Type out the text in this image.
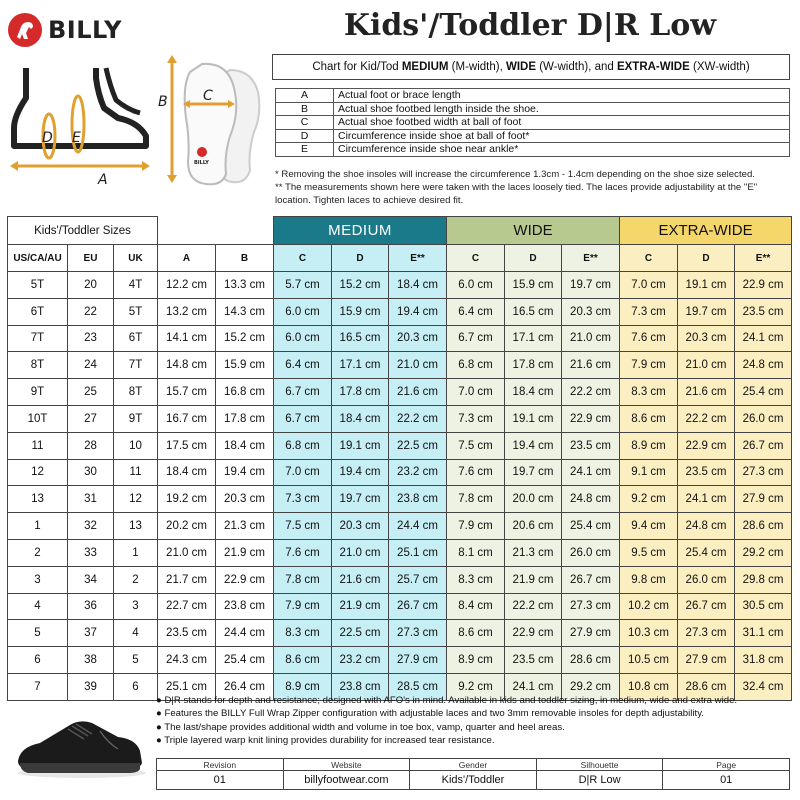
BILLY	Kids'/Toddler D|R Low
Chart for Kid/Tod
MEDIUM (M-width), WIDE (W-width), and EXTRA-WIDE (XW-width)
D E
A
B	C
BILLY
A	Actual foot or brace length
B	Actual shoe footbed length inside the shoe.
C	Actual shoe footbed width at ball of foot
D	Circumference inside shoe at ball of foot*
E	Circumference inside shoe near ankle*
* Removing the shoe insoles will increase the circumference 1.3cm - 1.4cm depending on the shoe size selected.
** The measurements shown here were taken with the laces loosely tied. The laces provide adjustability at the "E" location. Tighten laces to achieve desired fit.
Kids'/Toddler Sizes					MEDIUM			WIDE			EXTRA-WIDE		
US/CA/AU	EU	UK	A	B	C	D	E**	C	D	E**	C	D	E**
5T	20	4T	12.2 cm	13.3 cm	5.7 cm	15.2 cm	18.4 cm	6.0 cm	15.9 cm	19.7 cm	7.0 cm	19.1 cm	22.9 cm
6T	22	5T	13.2 cm	14.3 cm	6.0 cm	15.9 cm	19.4 cm	6.4 cm	16.5 cm	20.3 cm	7.3 cm	19.7 cm	23.5 cm
7T	23	6T	14.1 cm	15.2 cm	6.0 cm	16.5 cm	20.3 cm	6.7 cm	17.1 cm	21.0 cm	7.6 cm	20.3 cm	24.1 cm
8T	24	7T	14.8 cm	15.9 cm	6.4 cm	17.1 cm	21.0 cm	6.8 cm	17.8 cm	21.6 cm	7.9 cm	21.0 cm	24.8 cm
9T	25	8T	15.7 cm	16.8 cm	6.7 cm	17.8 cm	21.6 cm	7.0 cm	18.4 cm	22.2 cm	8.3 cm	21.6 cm	25.4 cm
10T	27	9T	16.7 cm	17.8 cm	6.7 cm	18.4 cm	22.2 cm	7.3 cm	19.1 cm	22.9 cm	8.6 cm	22.2 cm	26.0 cm
11	28	10	17.5 cm	18.4 cm	6.8 cm	19.1 cm	22.5 cm	7.5 cm	19.4 cm	23.5 cm	8.9 cm	22.9 cm	26.7 cm
12	30	11	18.4 cm	19.4 cm	7.0 cm	19.4 cm	23.2 cm	7.6 cm	19.7 cm	24.1 cm	9.1 cm	23.5 cm	27.3 cm
13	31	12	19.2 cm	20.3 cm	7.3 cm	19.7 cm	23.8 cm	7.8 cm	20.0 cm	24.8 cm	9.2 cm	24.1 cm	27.9 cm
1	32	13	20.2 cm	21.3 cm	7.5 cm	20.3 cm	24.4 cm	7.9 cm	20.6 cm	25.4 cm	9.4 cm	24.8 cm	28.6 cm
2	33	1	21.0 cm	21.9 cm	7.6 cm	21.0 cm	25.1 cm	8.1 cm	21.3 cm	26.0 cm	9.5 cm	25.4 cm	29.2 cm
3	34	2	21.7 cm	22.9 cm	7.8 cm	21.6 cm	25.7 cm	8.3 cm	21.9 cm	26.7 cm	9.8 cm	26.0 cm	29.8 cm
4	36	3	22.7 cm	23.8 cm	7.9 cm	21.9 cm	26.7 cm	8.4 cm	22.2 cm	27.3 cm	10.2 cm	26.7 cm	30.5 cm
5	37	4	23.5 cm	24.4 cm	8.3 cm	22.5 cm	27.3 cm	8.6 cm	22.9 cm	27.9 cm	10.3 cm	27.3 cm	31.1 cm
6	38	5	24.3 cm	25.4 cm	8.6 cm	23.2 cm	27.9 cm	8.9 cm	23.5 cm	28.6 cm	10.5 cm	27.9 cm	31.8 cm
7	39	6	25.1 cm	26.4 cm	8.9 cm	23.8 cm	28.5 cm	9.2 cm	24.1 cm	29.2 cm	10.8 cm	28.6 cm	32.4 cm
● D|R stands for depth and resistance; designed with AFO's in mind. Available in kids and toddler sizing, in medium, wide and extra wide.
● Features the BILLY Full Wrap Zipper configuration with adjustable laces and two 3mm removable insoles for depth adjustability.
● The last/shape provides additional width and volume in toe box, vamp, quarter and heel areas.
● Triple layered warp knit lining provides durability for increased tear resistance.
Revision	Website	Gender	Silhouette	Page
01	billyfootwear.com	Kids'/Toddler	D|R Low	01
